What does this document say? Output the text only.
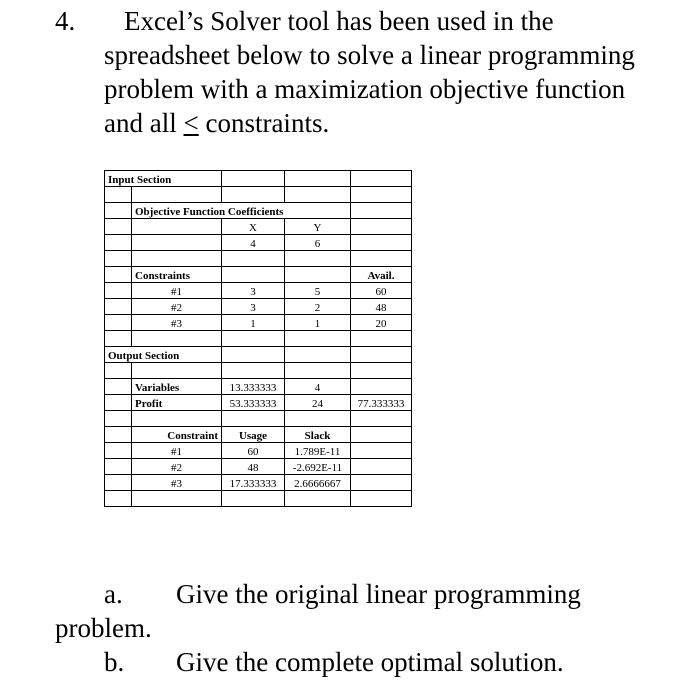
4. Excel’s Solver tool has been used in the
spreadsheet below to solve a linear programming
problem with a maximization objective function
and all < constraints.
Input Section				

	Objective Function Coefficients			
		X	Y	
		4	6	

	Constraints			Avail.
	#1	3	5	60
	#2	3	2	48
	#3	1	1	20

Output Section				

	Variables	13.333333	4	
	Profit	53.333333	24	77.333333

	Constraint	Usage	Slack	
	#1	60	1.789E-11	
	#2	48	-2.692E-11	
	#3	17.333333	2.6666667	

a. Give the original linear programming
problem.
b. Give the complete optimal solution.
